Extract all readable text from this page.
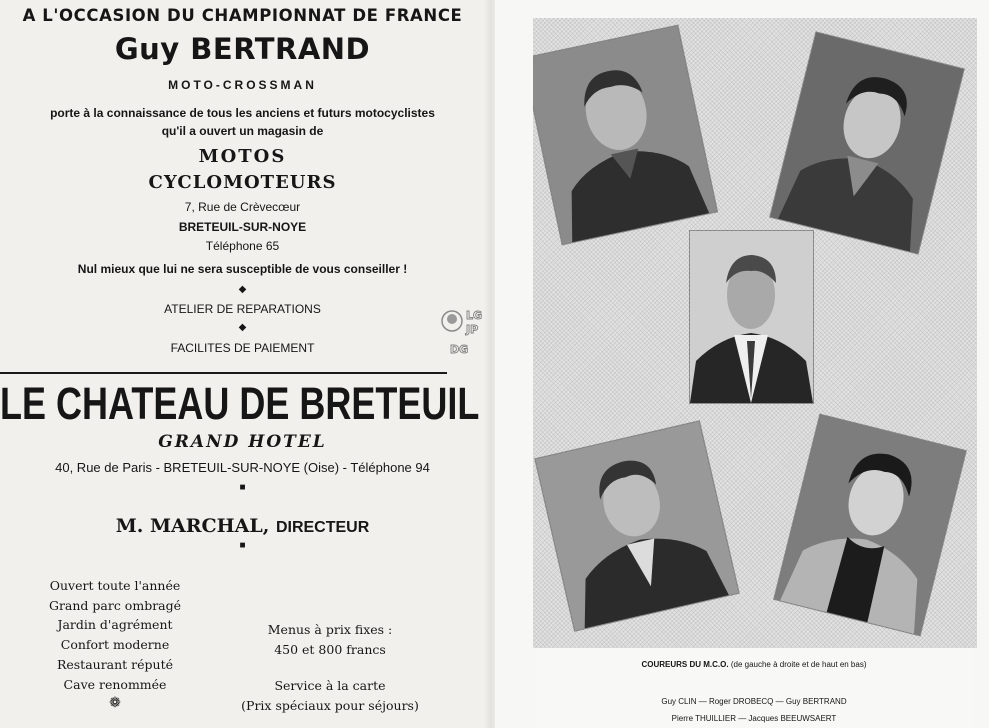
A L'OCCASION DU CHAMPIONNAT DE FRANCE
Guy BERTRAND
MOTO-CROSSMAN
porte à la connaissance de tous les anciens et futurs motocyclistes
qu'il a ouvert un magasin de
MOTOS
CYCLOMOTEURS
7, Rue de Crèvecœur
BRETEUIL-SUR-NOYE
Téléphone 65
Nul mieux que lui ne sera susceptible de vous conseiller !
◆
ATELIER DE REPARATIONS
◆
FACILITES DE PAIEMENT
LE CHATEAU DE BRETEUIL
GRAND HOTEL
40, Rue de Paris - BRETEUIL-SUR-NOYE (Oise) - Téléphone 94
■
M. MARCHAL, DIRECTEUR
■
Ouvert toute l'année
Grand parc ombragé
Jardin d'agrément
Confort moderne
Restaurant réputé
Cave renommée
❁
Menus à prix fixes :
450 et 800 francs
Service à la carte
(Prix spéciaux pour séjours)
LG
JP
DG
COUREURS DU M.C.O. (de gauche à droite et de haut en bas)
Guy CLIN — Roger DROBECQ — Guy BERTRAND
Pierre THUILLIER — Jacques BEEUWSAERT
